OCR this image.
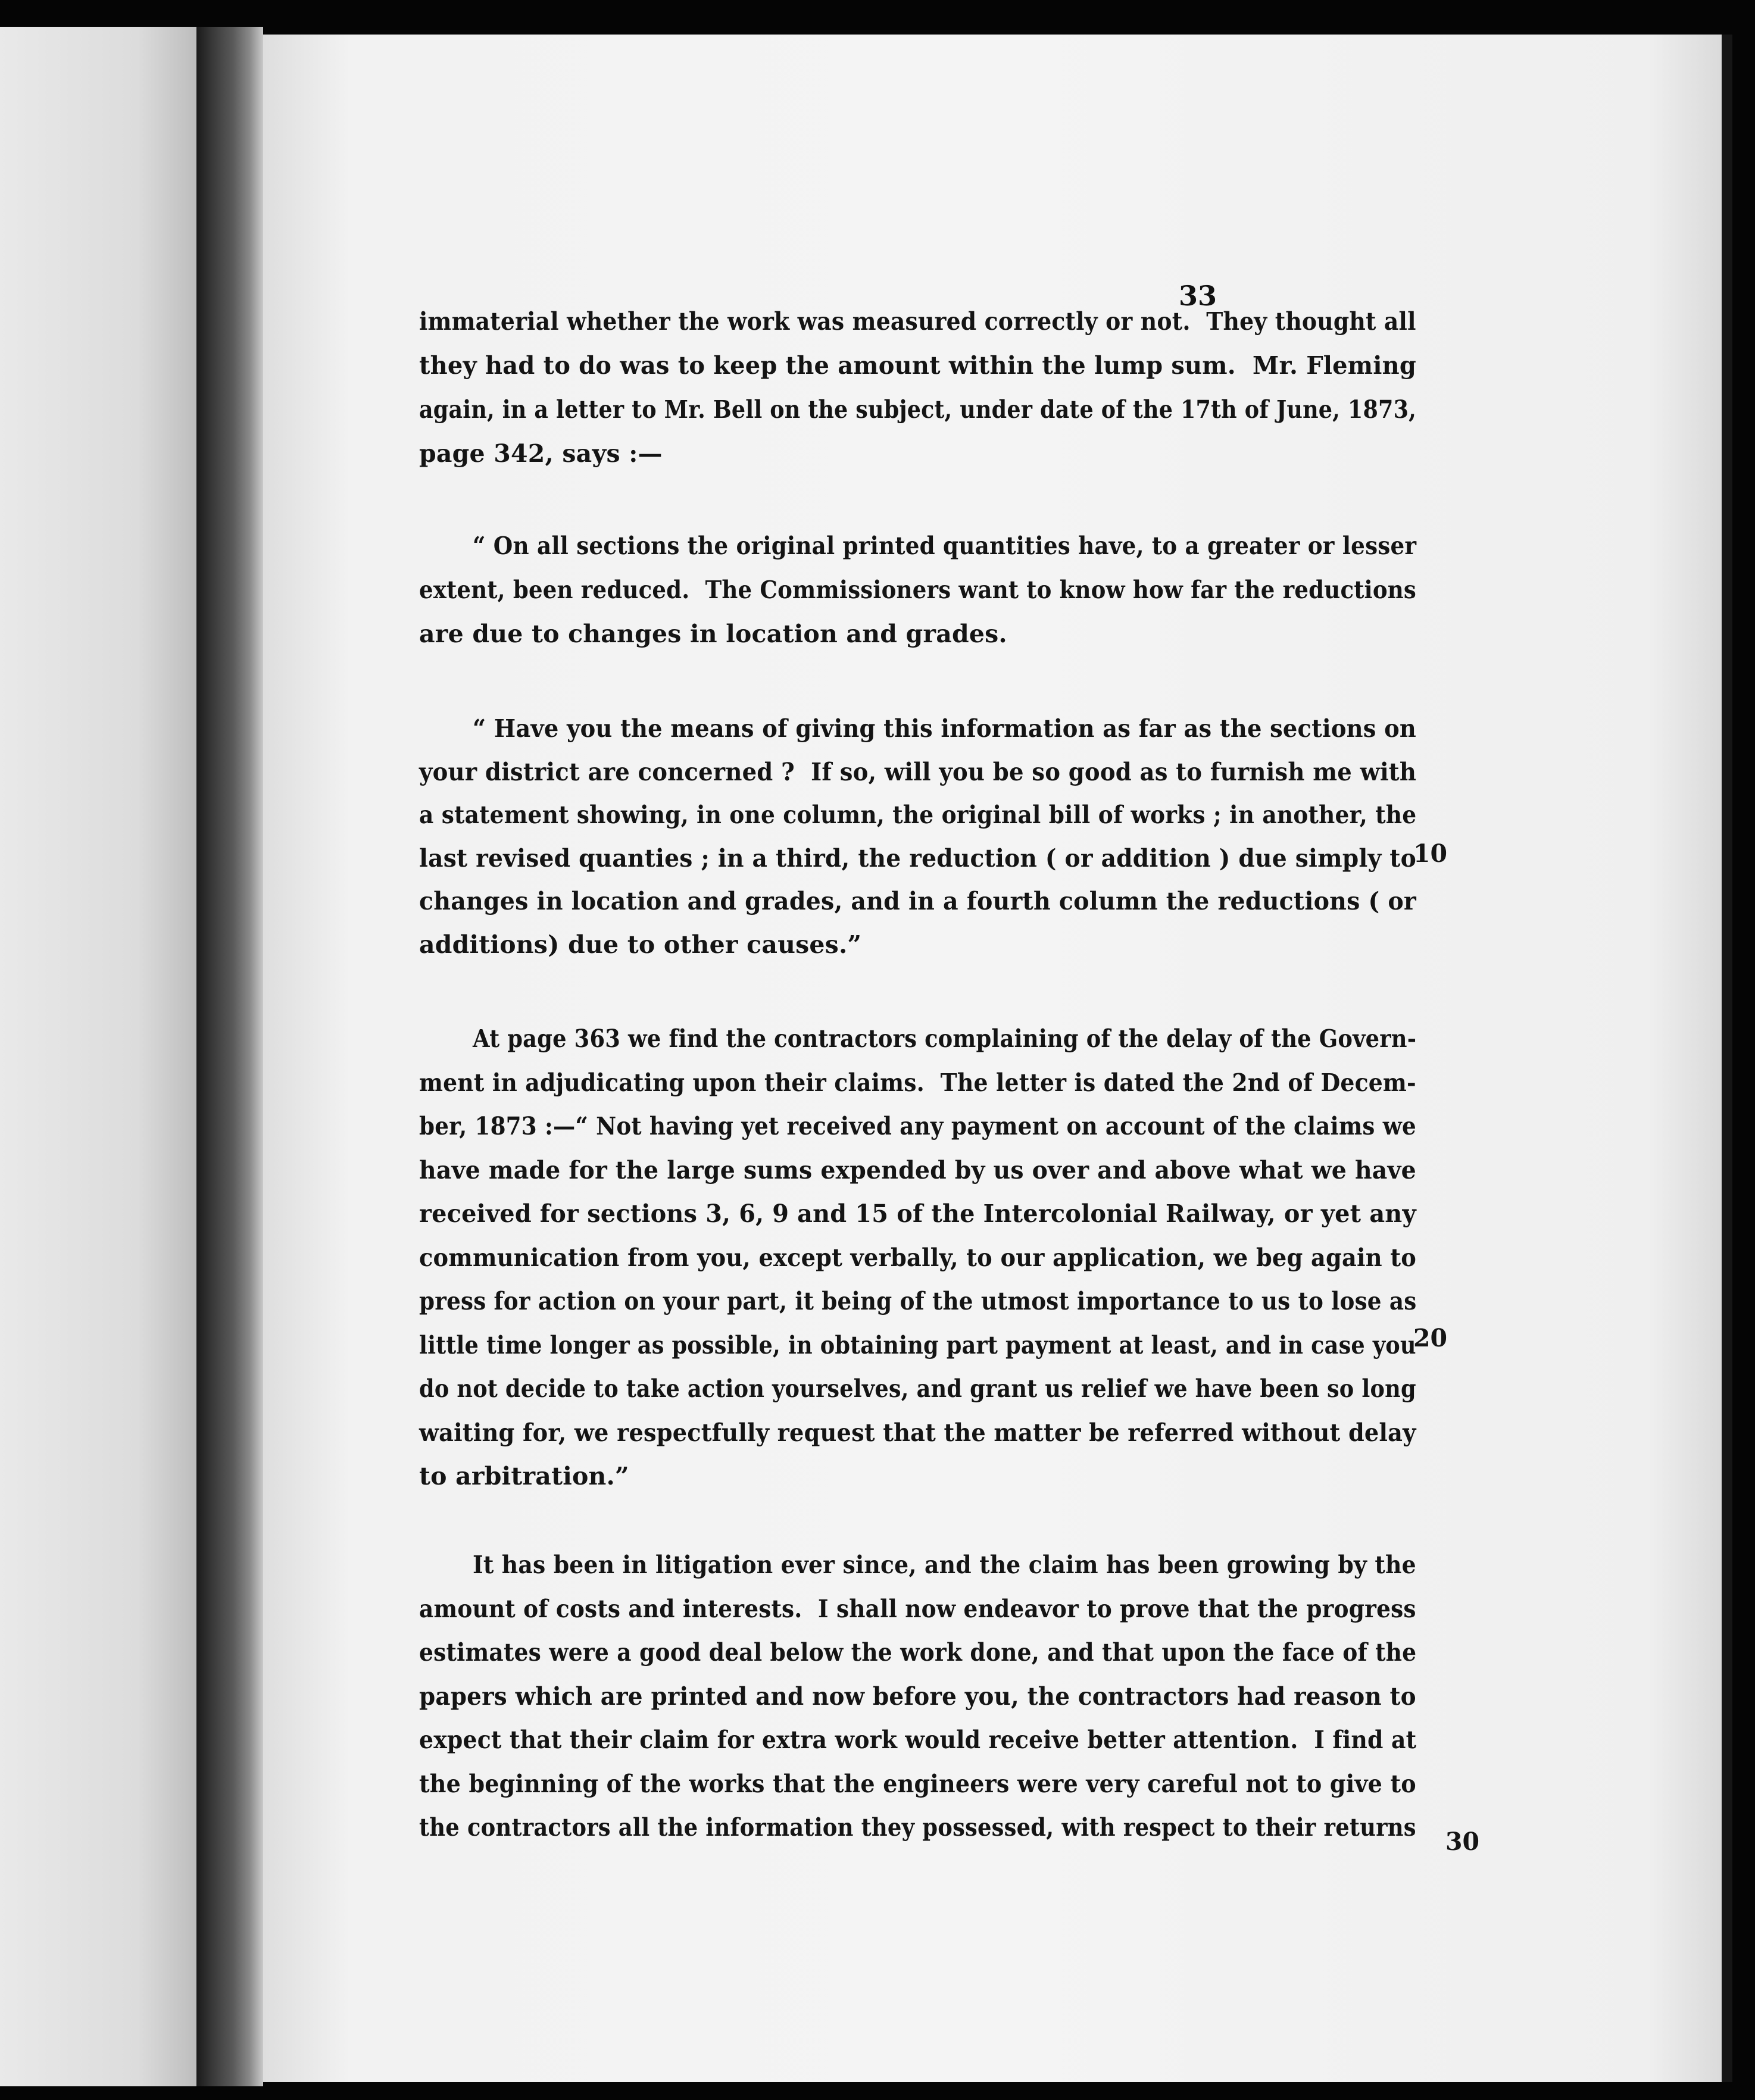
33
immaterial whether the work was measured correctly or not.  They thought all
they had to do was to keep the amount within the lump sum.  Mr. Fleming
again, in a letter to Mr. Bell on the subject, under date of the 17th of June, 1873,
page 342, says :—
“ On all sections the original printed quantities have, to a greater or lesser
extent, been reduced.  The Commissioners want to know how far the reductions
are due to changes in location and grades.
“ Have you the means of giving this information as far as the sections on
your district are concerned ?  If so, will you be so good as to furnish me with
a statement showing, in one column, the original bill of works ; in another, the
last revised quanties ; in a third, the reduction ( or addition ) due simply to
changes in location and grades, and in a fourth column the reductions ( or
additions) due to other causes.”
At page 363 we find the contractors complaining of the delay of the Govern-
ment in adjudicating upon their claims.  The letter is dated the 2nd of Decem-
ber, 1873 :—“ Not having yet received any payment on account of the claims we
have made for the large sums expended by us over and above what we have
received for sections 3, 6, 9 and 15 of the Intercolonial Railway, or yet any
communication from you, except verbally, to our application, we beg again to
press for action on your part, it being of the utmost importance to us to lose as
little time longer as possible, in obtaining part payment at least, and in case you
do not decide to take action yourselves, and grant us relief we have been so long
waiting for, we respectfully request that the matter be referred without delay
to arbitration.”
It has been in litigation ever since, and the claim has been growing by the
amount of costs and interests.  I shall now endeavor to prove that the progress
estimates were a good deal below the work done, and that upon the face of the
papers which are printed and now before you, the contractors had reason to
expect that their claim for extra work would receive better attention.  I find at
the beginning of the works that the engineers were very careful not to give to
the contractors all the information they possessed, with respect to their returns
10
20
30
